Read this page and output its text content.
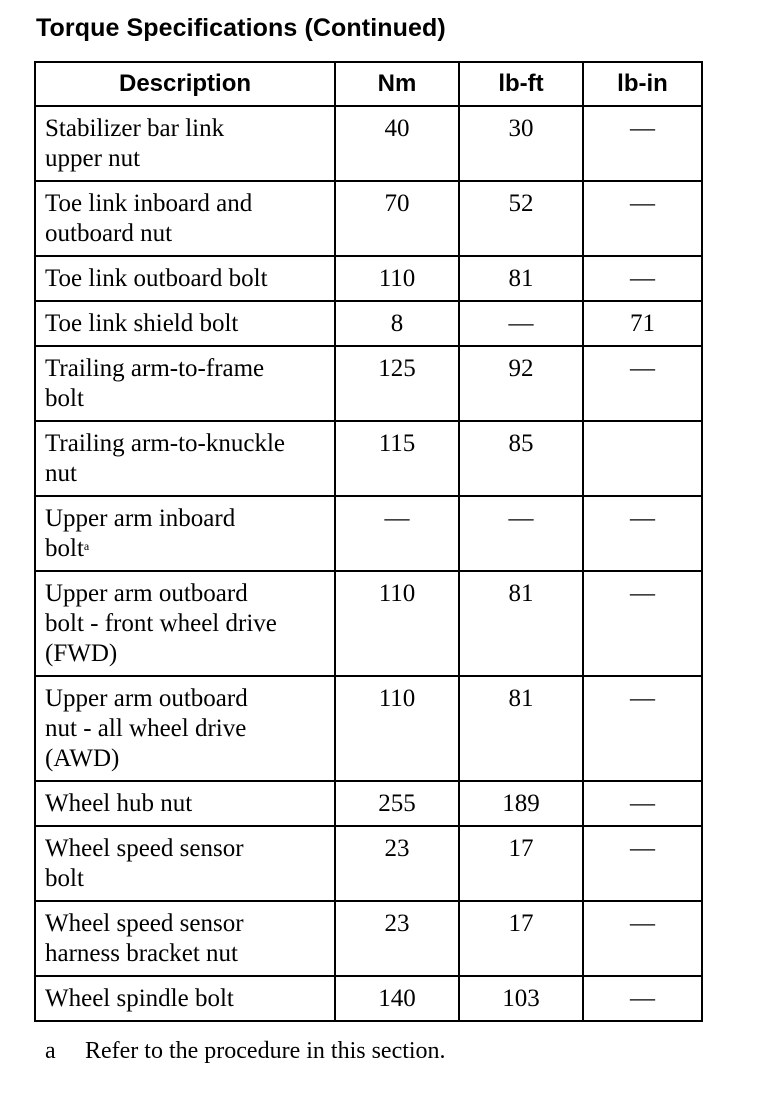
Torque Specifications (Continued)
Description	Nm	lb-ft	lb-in

Stabilizer bar link
upper nut	40	30	—

Toe link inboard and
outboard nut	70	52	—

Toe link outboard bolt	110	81	—

Toe link shield bolt	8	—	71

Trailing arm-to-frame
bolt	125	92	—

Trailing arm-to-knuckle
nut	115	85	

Upper arm inboard
bolt$^a$	—	—	—

Upper arm outboard
bolt - front wheel drive
(FWD)	110	81	—

Upper arm outboard
nut - all wheel drive
(AWD)	110	81	—

Wheel hub nut	255	189	—

Wheel speed sensor
bolt	23	17	—

Wheel speed sensor
harness bracket nut	23	17	—

Wheel spindle bolt	140	103	—
a Refer to the procedure in this section.
